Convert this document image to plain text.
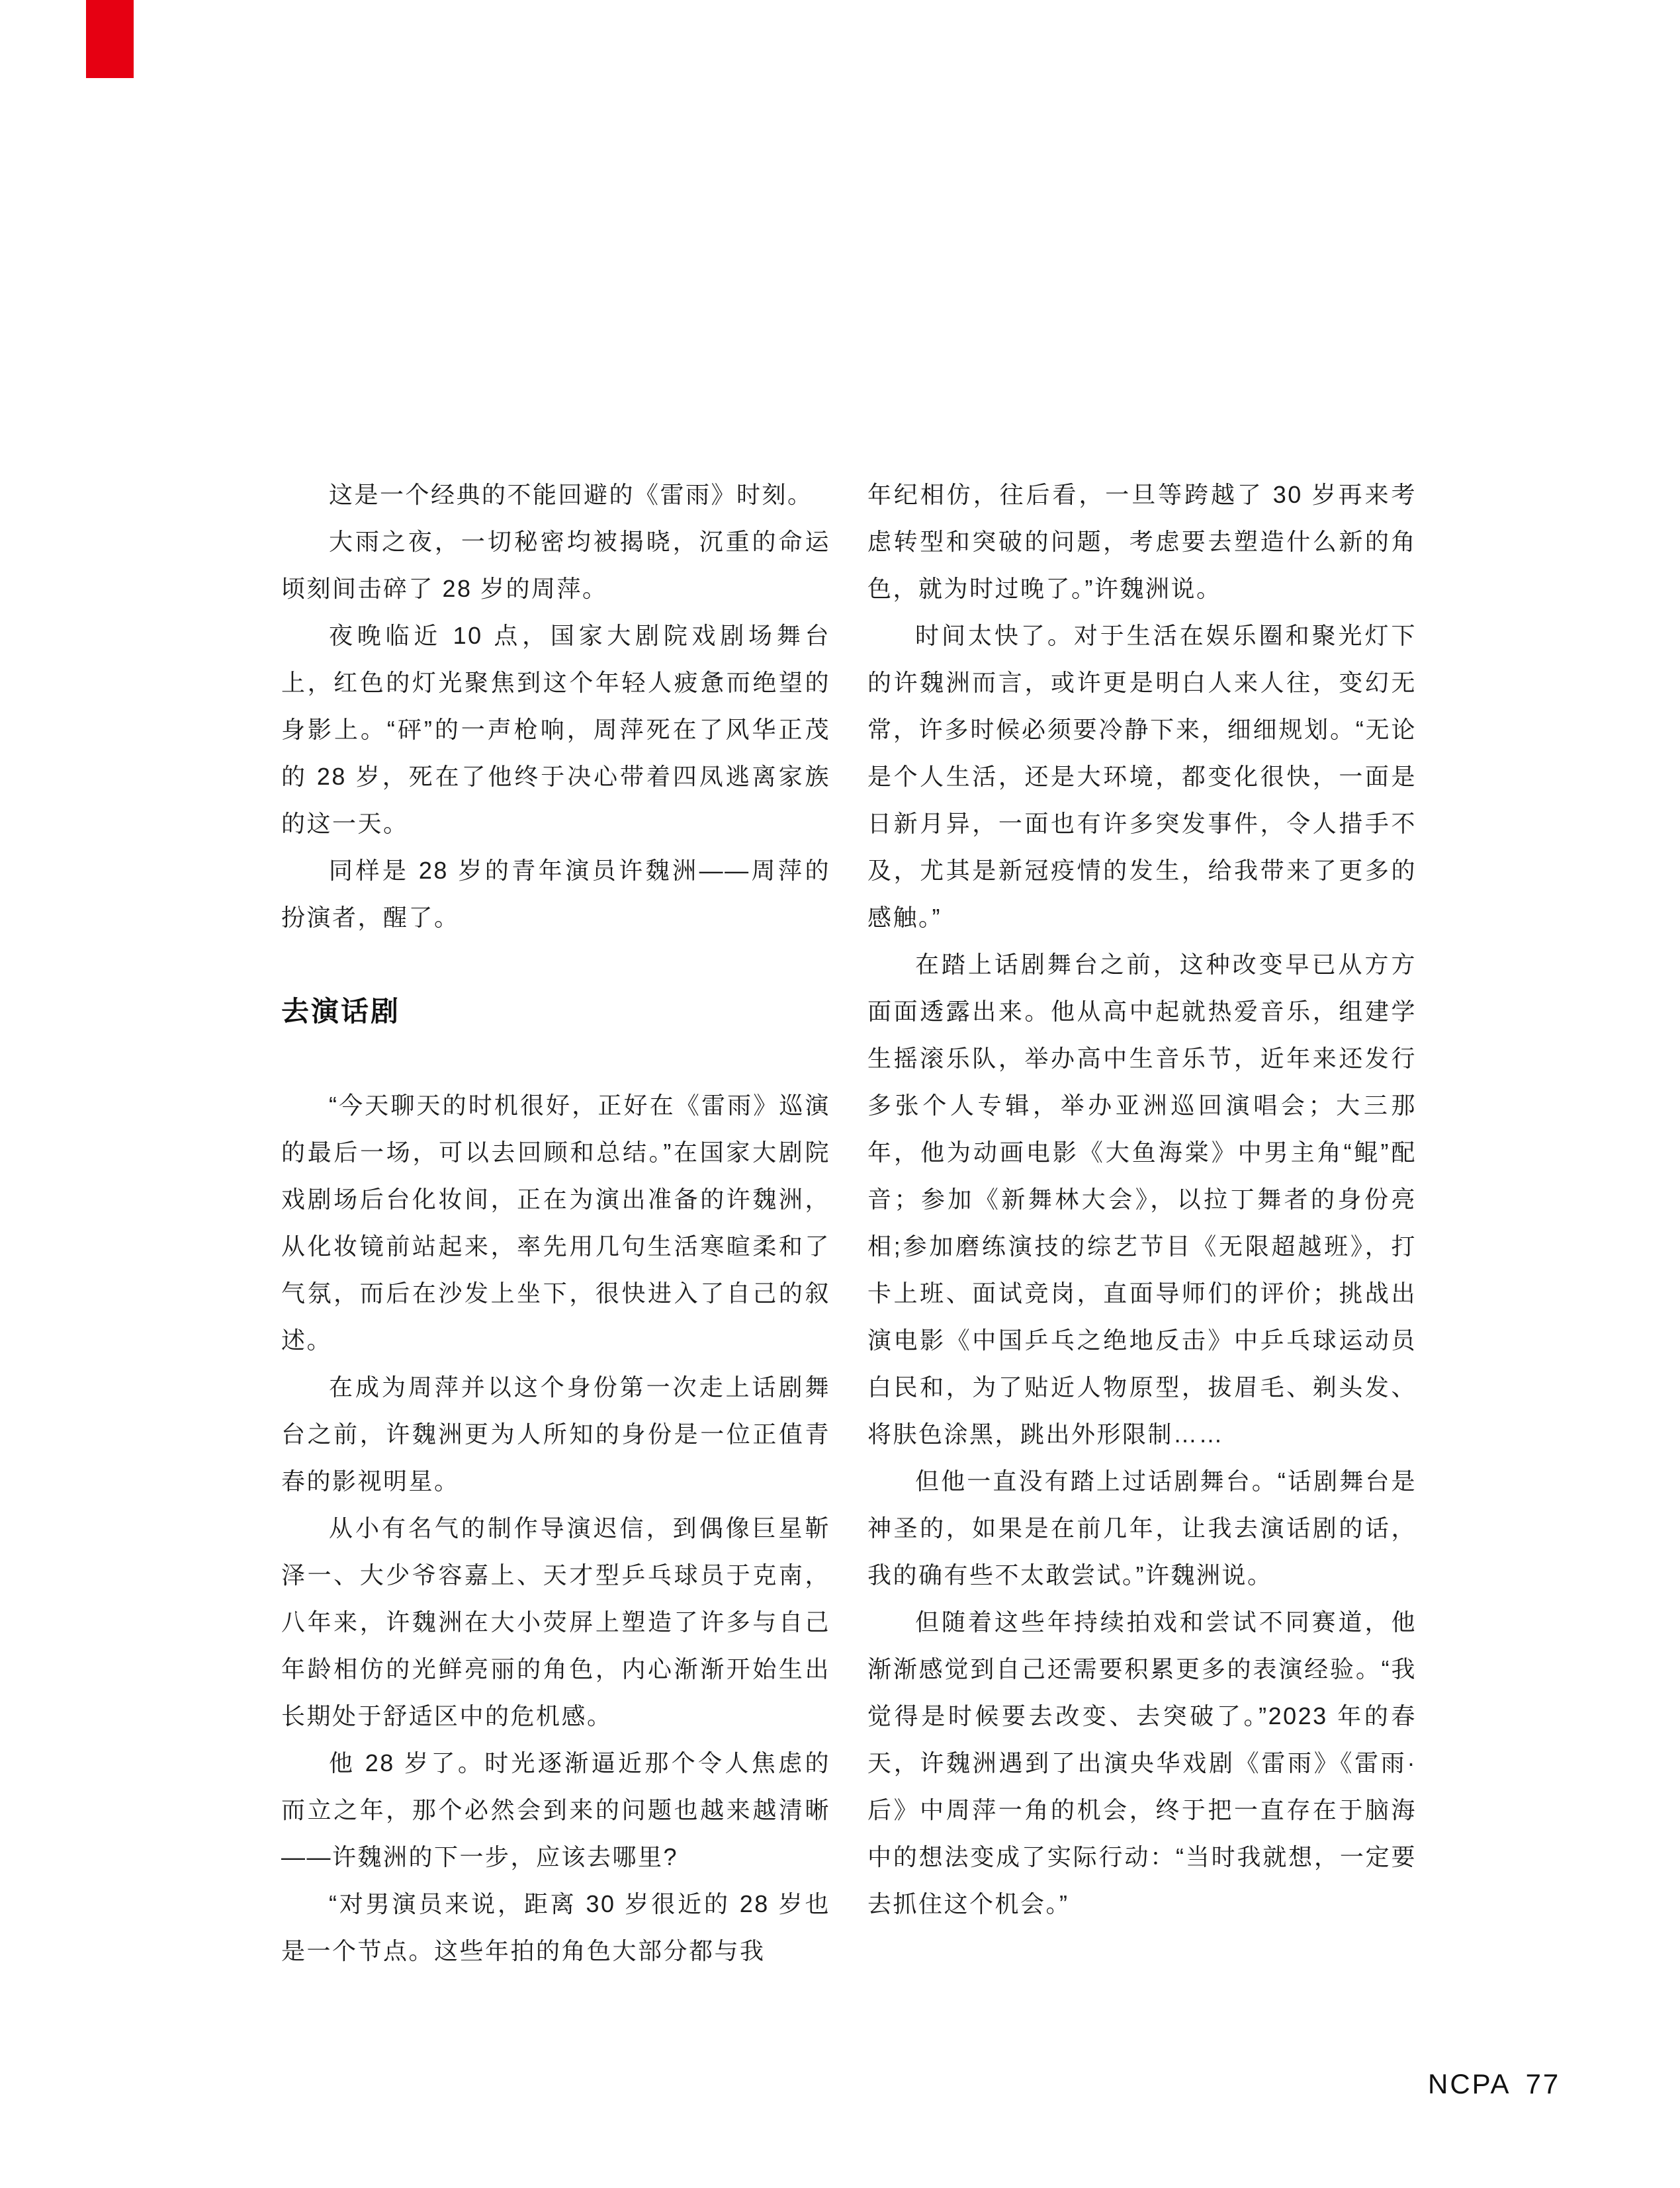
这是一个经典的不能回避的《雷雨》时刻。

大雨之夜，一切秘密均被揭晓，沉重的命运顷刻间击碎了 28 岁的周萍。

夜晚临近 10 点，国家大剧院戏剧场舞台上，红色的灯光聚焦到这个年轻人疲惫而绝望的身影上。“砰”的一声枪响，周萍死在了风华正茂的 28 岁，死在了他终于决心带着四凤逃离家族的这一天。

同样是 28 岁的青年演员许魏洲——周萍的扮演者，醒了。

去演话剧

“今天聊天的时机很好，正好在《雷雨》巡演的最后一场，可以去回顾和总结。”在国家大剧院戏剧场后台化妆间，正在为演出准备的许魏洲，从化妆镜前站起来，率先用几句生活寒暄柔和了气氛，而后在沙发上坐下，很快进入了自己的叙述。

在成为周萍并以这个身份第一次走上话剧舞台之前，许魏洲更为人所知的身份是一位正值青春的影视明星。

从小有名气的制作导演迟信，到偶像巨星靳泽一、大少爷容嘉上、天才型乒乓球员于克南，八年来，许魏洲在大小荧屏上塑造了许多与自己年龄相仿的光鲜亮丽的角色，内心渐渐开始生出长期处于舒适区中的危机感。

他 28 岁了。时光逐渐逼近那个令人焦虑的而立之年，那个必然会到来的问题也越来越清晰——许魏洲的下一步，应该去哪里?

“对男演员来说，距离 30 岁很近的 28 岁也是一个节点。这些年拍的角色大部分都与我

年纪相仿，往后看，一旦等跨越了 30 岁再来考虑转型和突破的问题，考虑要去塑造什么新的角色，就为时过晚了。”许魏洲说。

时间太快了。对于生活在娱乐圈和聚光灯下的许魏洲而言，或许更是明白人来人往，变幻无常，许多时候必须要冷静下来，细细规划。“无论是个人生活，还是大环境，都变化很快，一面是日新月异，一面也有许多突发事件，令人措手不及，尤其是新冠疫情的发生，给我带来了更多的感触。”

在踏上话剧舞台之前，这种改变早已从方方面面透露出来。他从高中起就热爱音乐，组建学生摇滚乐队，举办高中生音乐节，近年来还发行多张个人专辑，举办亚洲巡回演唱会；大三那年，他为动画电影《大鱼海棠》中男主角“鲲”配音；参加《新舞林大会》，以拉丁舞者的身份亮相;参加磨练演技的综艺节目《无限超越班》，打卡上班、面试竞岗，直面导师们的评价；挑战出演电影《中国乒乓之绝地反击》中乒乓球运动员白民和，为了贴近人物原型，拔眉毛、剃头发、将肤色涂黑，跳出外形限制……

但他一直没有踏上过话剧舞台。“话剧舞台是神圣的，如果是在前几年，让我去演话剧的话，我的确有些不太敢尝试。”许魏洲说。

但随着这些年持续拍戏和尝试不同赛道，他渐渐感觉到自己还需要积累更多的表演经验。“我觉得是时候要去改变、去突破了。”2023 年的春天，许魏洲遇到了出演央华戏剧《雷雨》《雷雨·后》中周萍一角的机会，终于把一直存在于脑海中的想法变成了实际行动：“当时我就想，一定要去抓住这个机会。”

NCPA 77
